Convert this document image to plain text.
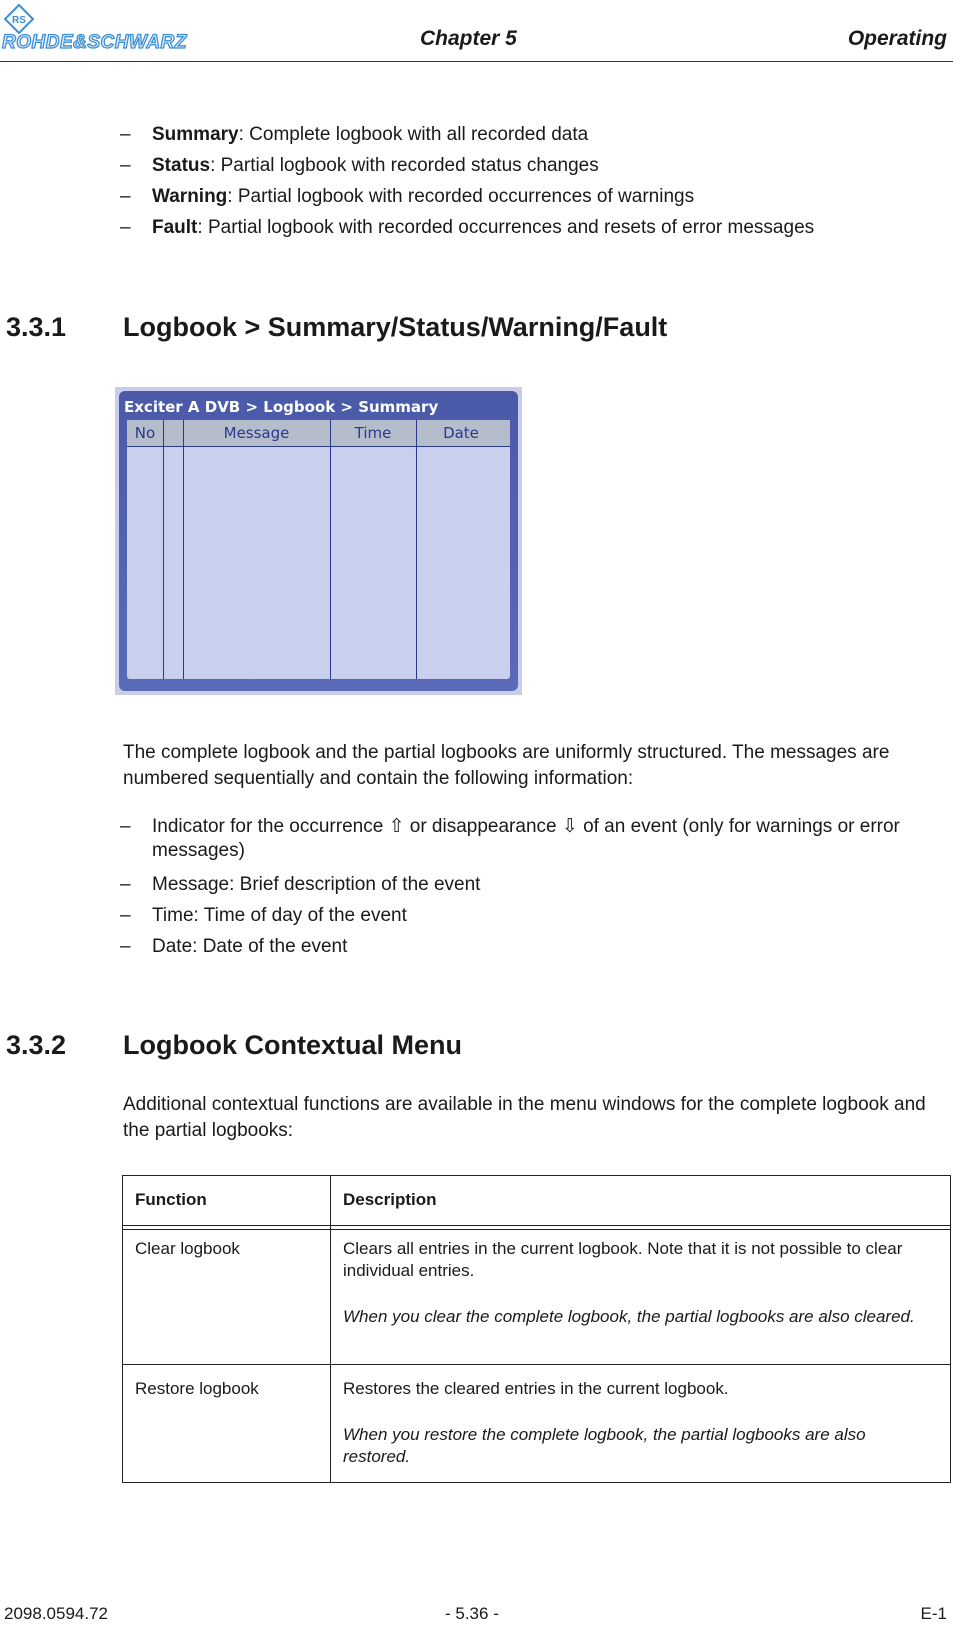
RS
ROHDE&SCHWARZ	Chapter 5	Operating
– Summary: Complete logbook with all recorded data
– Status: Partial logbook with recorded status changes
– Warning: Partial logbook with recorded occurrences of warnings
– Fault: Partial logbook with recorded occurrences and resets of error messages
3.3.1 Logbook > Summary/Status/Warning/Fault
Exciter A DVB > Logbook > Summary
No	Message	Time	Date
The complete logbook and the partial logbooks are uniformly structured. The messages are numbered sequentially and contain the following information:
– Indicator for the occurrence ⇧ or disappearance ⇩ of an event (only for warnings or error messages)
– Message: Brief description of the event
– Time: Time of day of the event
– Date: Date of the event
3.3.2 Logbook Contextual Menu
Additional contextual functions are available in the menu windows for the complete logbook and the partial logbooks:
Function	Description
Clear logbook	Clears all entries in the current logbook. Note that it is not possible to clear individual entries.
When you clear the complete logbook, the partial logbooks are also cleared.
Restore logbook	Restores the cleared entries in the current logbook.
When you restore the complete logbook, the partial logbooks are also restored.
2098.0594.72	- 5.36 -	E-1
